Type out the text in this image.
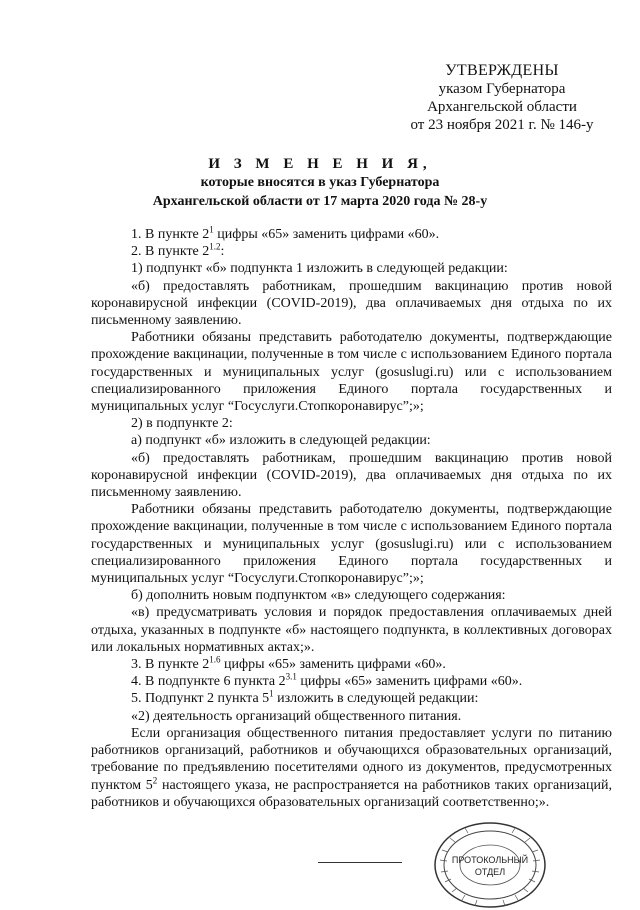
УТВЕРЖДЕНЫ
указом Губернатора
Архангельской области
от 23 ноября 2021 г. № 146-у
И З М Е Н Е Н И Я,
которые вносятся в указ Губернатора
Архангельской области от 17 марта 2020 года № 28-у

1. В пункте $2^1$ цифры «65» заменить цифрами «60».

2. В пункте $2^{1.2}$:

1) подпункт «б» подпункта 1 изложить в следующей редакции:

«б) предоставлять работникам, прошедшим вакцинацию против новой коронавирусной инфекции (COVID-2019), два оплачиваемых дня отдыха по их письменному заявлению.

Работники обязаны представить работодателю документы, подтверждающие прохождение вакцинации, полученные в том числе с использованием Единого портала государственных и муниципальных услуг (gosuslugi.ru) или с использованием специализированного приложения Единого портала государственных и муниципальных услуг “Госуслуги.Стопкоронавирус”;»;

2) в подпункте 2:

а) подпункт «б» изложить в следующей редакции:

«б) предоставлять работникам, прошедшим вакцинацию против новой коронавирусной инфекции (COVID-2019), два оплачиваемых дня отдыха по их письменному заявлению.

Работники обязаны представить работодателю документы, подтверждающие прохождение вакцинации, полученные в том числе с использованием Единого портала государственных и муниципальных услуг (gosuslugi.ru) или с использованием специализированного приложения Единого портала государственных и муниципальных услуг “Госуслуги.Стопкоронавирус”;»;

б) дополнить новым подпунктом «в» следующего содержания:

«в) предусматривать условия и порядок предоставления оплачиваемых дней отдыха, указанных в подпункте «б» настоящего подпункта, в коллективных договорах или локальных нормативных актах;».

3. В пункте $2^{1.6}$ цифры «65» заменить цифрами «60».

4. В подпункте 6 пункта $2^{3.1}$ цифры «65» заменить цифрами «60».

5. Подпункт 2 пункта $5^1$ изложить в следующей редакции:

«2) деятельность организаций общественного питания.

Если организация общественного питания предоставляет услуги по питанию работников организаций, работников и обучающихся образовательных организаций, требование по предъявлению посетителями одного из документов, предусмотренных пунктом $5^2$ настоящего указа, не распространяется на работников таких организаций, работников и обучающихся образовательных организаций соответственно;».

ПРОТОКОЛЬНЫЙ
ОТДЕЛ
